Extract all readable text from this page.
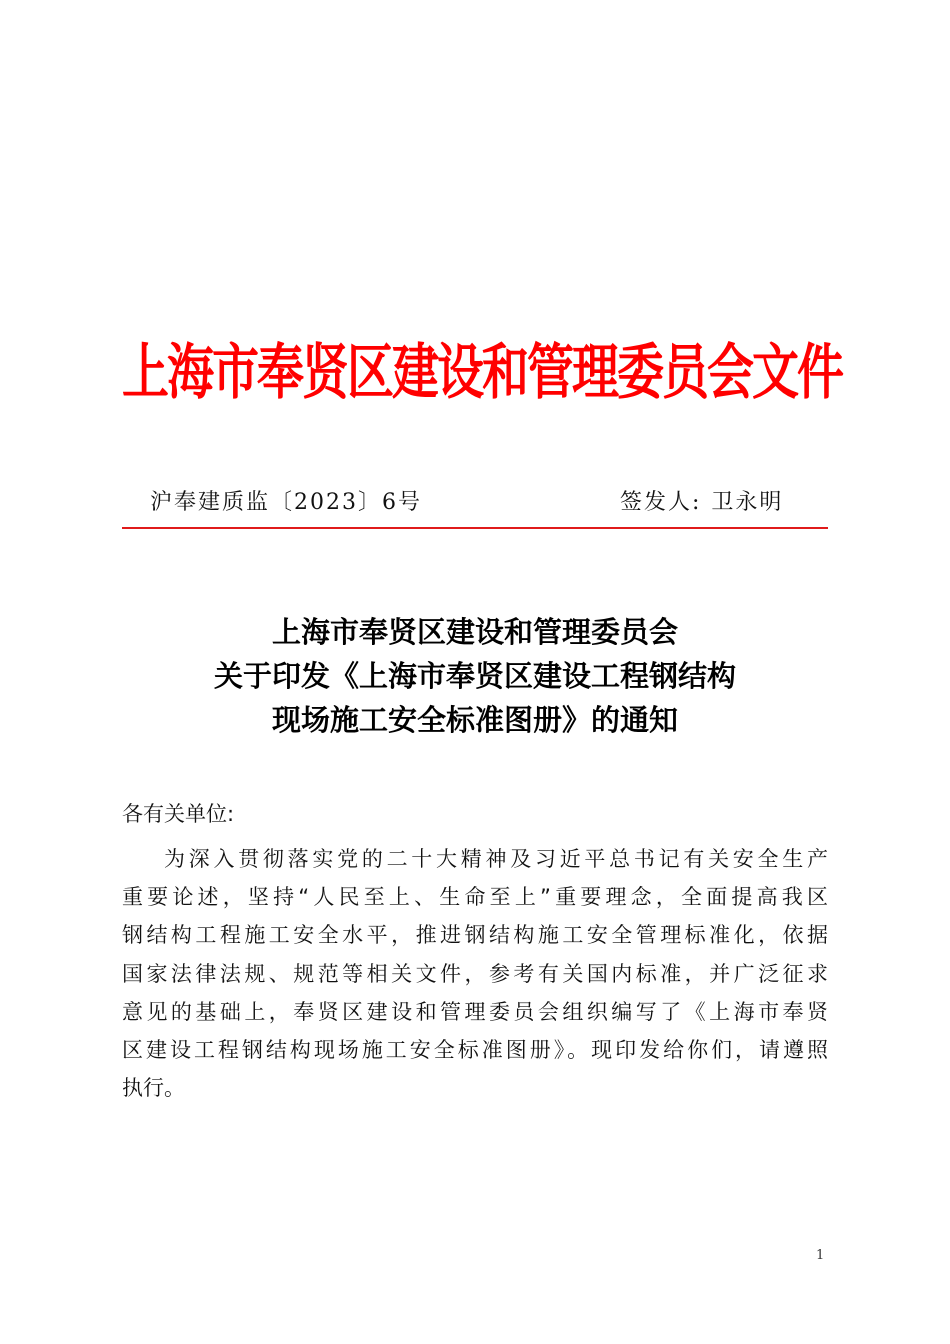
上海市奉贤区建设和管理委员会文件
沪奉建质监〔2023〕6号	签发人: 卫永明
上海市奉贤区建设和管理委员会
关于印发《上海市奉贤区建设工程钢结构
现场施工安全标准图册》的通知
各有关单位:
为深入贯彻落实党的二十大精神及习近平总书记有关安全生产
重要论述，坚持“人民至上、生命至上”重要理念，全面提高我区
钢结构工程施工安全水平，推进钢结构施工安全管理标准化，依据
国家法律法规、规范等相关文件，参考有关国内标准，并广泛征求
意见的基础上，奉贤区建设和管理委员会组织编写了《上海市奉贤
区建设工程钢结构现场施工安全标准图册》。现印发给你们，请遵照
执行。
1
